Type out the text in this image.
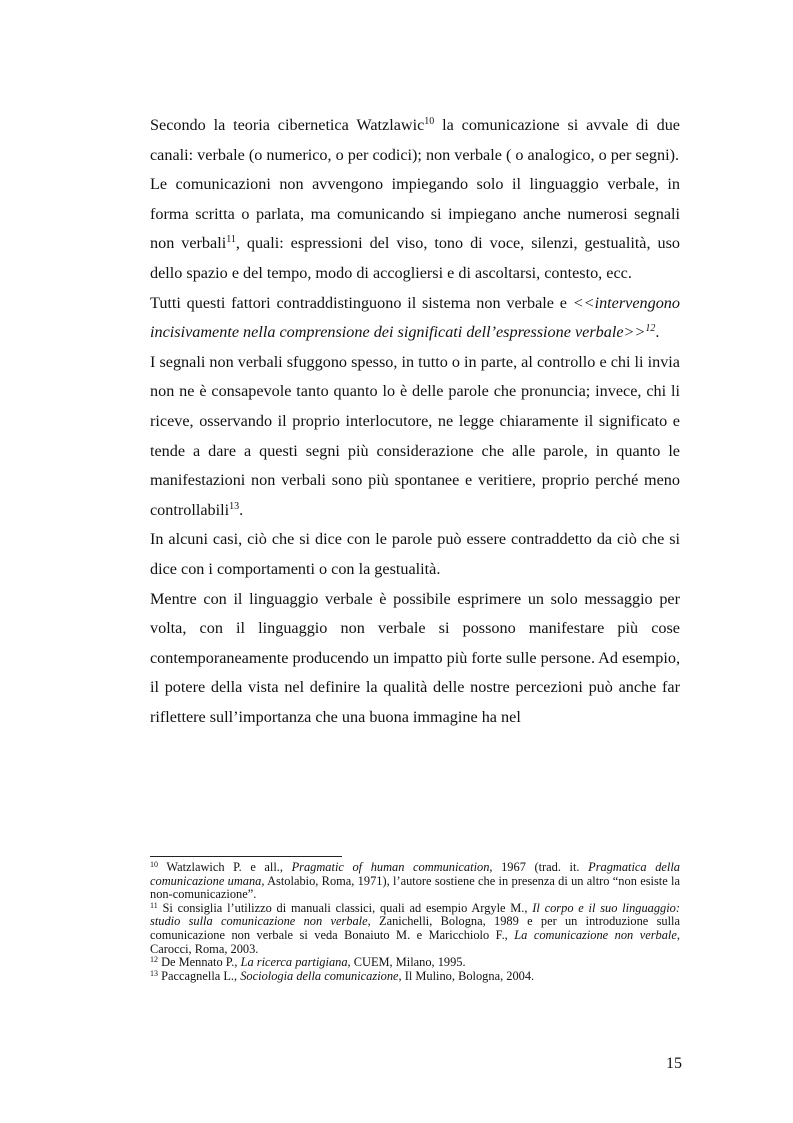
Secondo la teoria cibernetica Watzlawic$^{10}$ la comunicazione si avvale di due canali: verbale (o numerico, o per codici); non verbale ( o analogico, o per segni).

Le comunicazioni non avvengono impiegando solo il linguaggio verbale, in forma scritta o parlata, ma comunicando si impiegano anche numerosi segnali non verbali$^{11}$, quali: espressioni del viso, tono di voce, silenzi, gestualità, uso dello spazio e del tempo, modo di accogliersi e di ascoltarsi, contesto, ecc.

Tutti questi fattori contraddistinguono il sistema non verbale e <<intervengono incisivamente nella comprensione dei significati dell’espressione verbale>>$^{12}$.

I segnali non verbali sfuggono spesso, in tutto o in parte, al controllo e chi li invia non ne è consapevole tanto quanto lo è delle parole che pronuncia; invece, chi li riceve, osservando il proprio interlocutore, ne legge chiaramente il significato e tende a dare a questi segni più considerazione che alle parole, in quanto le manifestazioni non verbali sono più spontanee e veritiere, proprio perché meno controllabili$^{13}$.

In alcuni casi, ciò che si dice con le parole può essere contraddetto da ciò che si dice con i comportamenti o con la gestualità.

Mentre con il linguaggio verbale è possibile esprimere un solo messaggio per volta, con il linguaggio non verbale si possono manifestare più cose contemporaneamente producendo un impatto più forte sulle persone. Ad esempio, il potere della vista nel definire la qualità delle nostre percezioni può anche far riflettere sull’importanza che una buona immagine ha nel

$^{10}$ Watzlawich P. e all., Pragmatic of human communication, 1967 (trad. it. Pragmatica della comunicazione umana, Astolabio, Roma, 1971), l’autore sostiene che in presenza di un altro “non esiste la non-comunicazione”.

$^{11}$ Si consiglia l’utilizzo di manuali classici, quali ad esempio Argyle M., Il corpo e il suo linguaggio: studio sulla comunicazione non verbale, Zanichelli, Bologna, 1989 e per un introduzione sulla comunicazione non verbale si veda Bonaiuto M. e Maricchiolo F., La comunicazione non verbale, Carocci, Roma, 2003.

$^{12}$ De Mennato P., La ricerca partigiana, CUEM, Milano, 1995.

$^{13}$ Paccagnella L., Sociologia della comunicazione, Il Mulino, Bologna, 2004.

15
